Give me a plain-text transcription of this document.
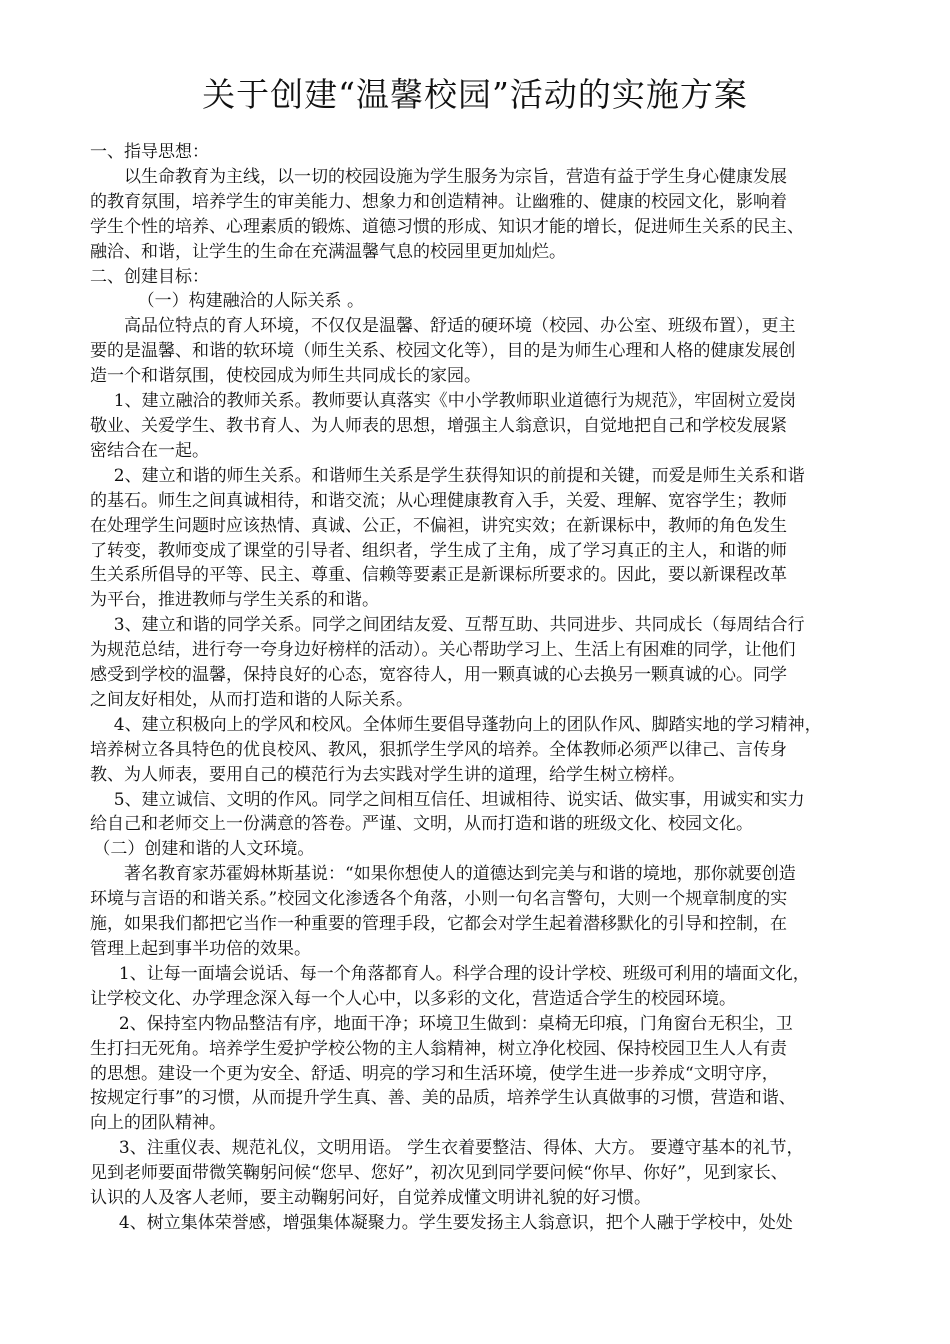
关于创建“温馨校园”活动的实施方案

一、指导思想：

以生命教育为主线，以一切的校园设施为学生服务为宗旨，营造有益于学生身心健康发展

的教育氛围，培养学生的审美能力、想象力和创造精神。让幽雅的、健康的校园文化，影响着

学生个性的培养、心理素质的锻炼、道德习惯的形成、知识才能的增长，促进师生关系的民主、

融洽、和谐，让学生的生命在充满温馨气息的校园里更加灿烂。

二、创建目标：

（一）构建融洽的人际关系 。

高品位特点的育人环境，不仅仅是温馨、舒适的硬环境（校园、办公室、班级布置），更主

要的是温馨、和谐的软环境（师生关系、校园文化等），目的是为师生心理和人格的健康发展创

造一个和谐氛围，使校园成为师生共同成长的家园。

1、建立融洽的教师关系。教师要认真落实《中小学教师职业道德行为规范》，牢固树立爱岗

敬业、关爱学生、教书育人、为人师表的思想，增强主人翁意识，自觉地把自己和学校发展紧

密结合在一起。

2、建立和谐的师生关系。和谐师生关系是学生获得知识的前提和关键，而爱是师生关系和谐

的基石。师生之间真诚相待，和谐交流；从心理健康教育入手，关爱、理解、宽容学生；教师

在处理学生问题时应该热情、真诚、公正，不偏袒，讲究实效；在新课标中，教师的角色发生

了转变，教师变成了课堂的引导者、组织者，学生成了主角，成了学习真正的主人，和谐的师

生关系所倡导的平等、民主、尊重、信赖等要素正是新课标所要求的。因此，要以新课程改革

为平台，推进教师与学生关系的和谐。

3、建立和谐的同学关系。同学之间团结友爱、互帮互助、共同进步、共同成长（每周结合行

为规范总结，进行夸一夸身边好榜样的活动）。关心帮助学习上、生活上有困难的同学，让他们

感受到学校的温馨，保持良好的心态，宽容待人，用一颗真诚的心去换另一颗真诚的心。同学

之间友好相处，从而打造和谐的人际关系。

4、建立积极向上的学风和校风。全体师生要倡导蓬勃向上的团队作风、脚踏实地的学习精神，

培养树立各具特色的优良校风、教风，狠抓学生学风的培养。全体教师必须严以律己、言传身

教、为人师表，要用自己的模范行为去实践对学生讲的道理，给学生树立榜样。

5、建立诚信、文明的作风。同学之间相互信任、坦诚相待、说实话、做实事，用诚实和实力

给自己和老师交上一份满意的答卷。严谨、文明，从而打造和谐的班级文化、校园文化。

（二）创建和谐的人文环境。

著名教育家苏霍姆林斯基说：“如果你想使人的道德达到完美与和谐的境地，那你就要创造

环境与言语的和谐关系。”校园文化渗透各个角落，小则一句名言警句，大则一个规章制度的实

施，如果我们都把它当作一种重要的管理手段，它都会对学生起着潜移默化的引导和控制，在

管理上起到事半功倍的效果。

1、让每一面墙会说话、每一个角落都育人。科学合理的设计学校、班级可利用的墙面文化，

让学校文化、办学理念深入每一个人心中，以多彩的文化，营造适合学生的校园环境。

2、保持室内物品整洁有序，地面干净；环境卫生做到：桌椅无印痕，门角窗台无积尘，卫

生打扫无死角。培养学生爱护学校公物的主人翁精神，树立净化校园、保持校园卫生人人有责

的思想。建设一个更为安全、舒适、明亮的学习和生活环境，使学生进一步养成“文明守序，

按规定行事”的习惯，从而提升学生真、善、美的品质，培养学生认真做事的习惯，营造和谐、

向上的团队精神。

3、注重仪表、规范礼仪，文明用语。 学生衣着要整洁、得体、大方。 要遵守基本的礼节，

见到老师要面带微笑鞠躬问候“您早、您好”，初次见到同学要问候“你早、你好”，见到家长、

认识的人及客人老师，要主动鞠躬问好，自觉养成懂文明讲礼貌的好习惯。

4、树立集体荣誉感，增强集体凝聚力。学生要发扬主人翁意识，把个人融于学校中，处处
